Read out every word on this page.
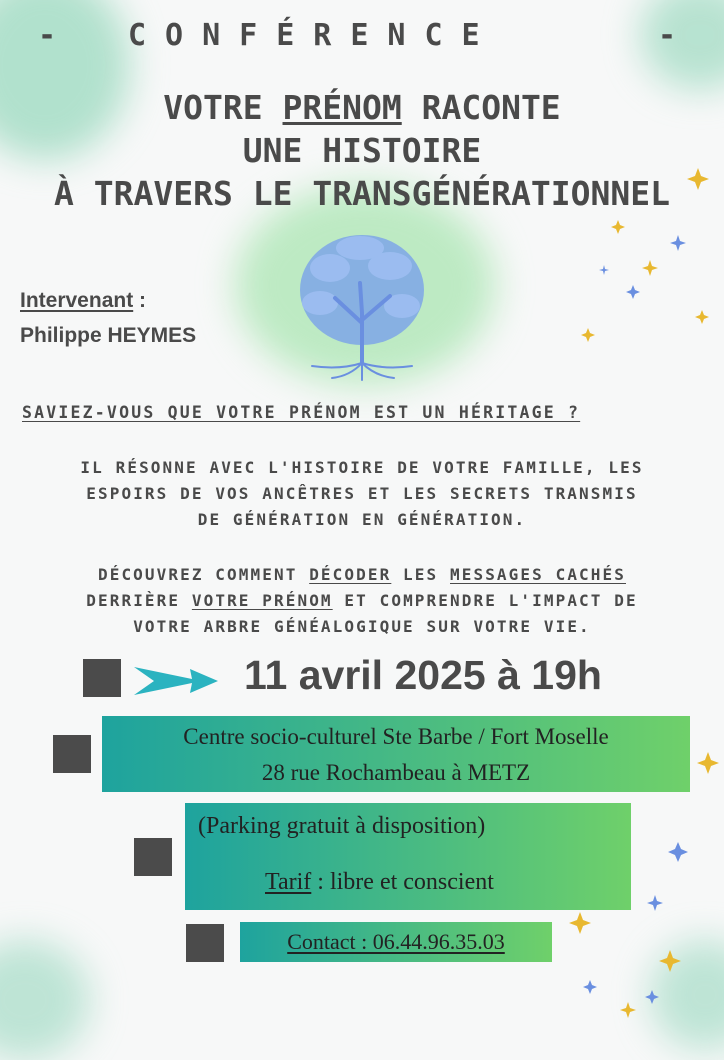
- CONFÉRENCE	-
VOTRE PRÉNOM RACONTE
UNE HISTOIRE
À TRAVERS LE TRANSGÉNÉRATIONNEL
Intervenant :
Philippe HEYMES
SAVIEZ-VOUS QUE VOTRE PRÉNOM EST UN HÉRITAGE ?
IL RÉSONNE AVEC L'HISTOIRE DE VOTRE FAMILLE, LES
ESPOIRS DE VOS ANCÊTRES ET LES SECRETS TRANSMIS
DE GÉNÉRATION EN GÉNÉRATION.
DÉCOUVREZ COMMENT DÉCODER LES MESSAGES CACHÉS
DERRIÈRE VOTRE PRÉNOM ET COMPRENDRE L'IMPACT DE
VOTRE ARBRE GÉNÉALOGIQUE SUR VOTRE VIE.
11 avril 2025 à 19h
Centre socio-culturel Ste Barbe / Fort Moselle
28 rue Rochambeau à METZ
(Parking gratuit à disposition)
Tarif : libre et conscient
Contact : 06.44.96.35.03
